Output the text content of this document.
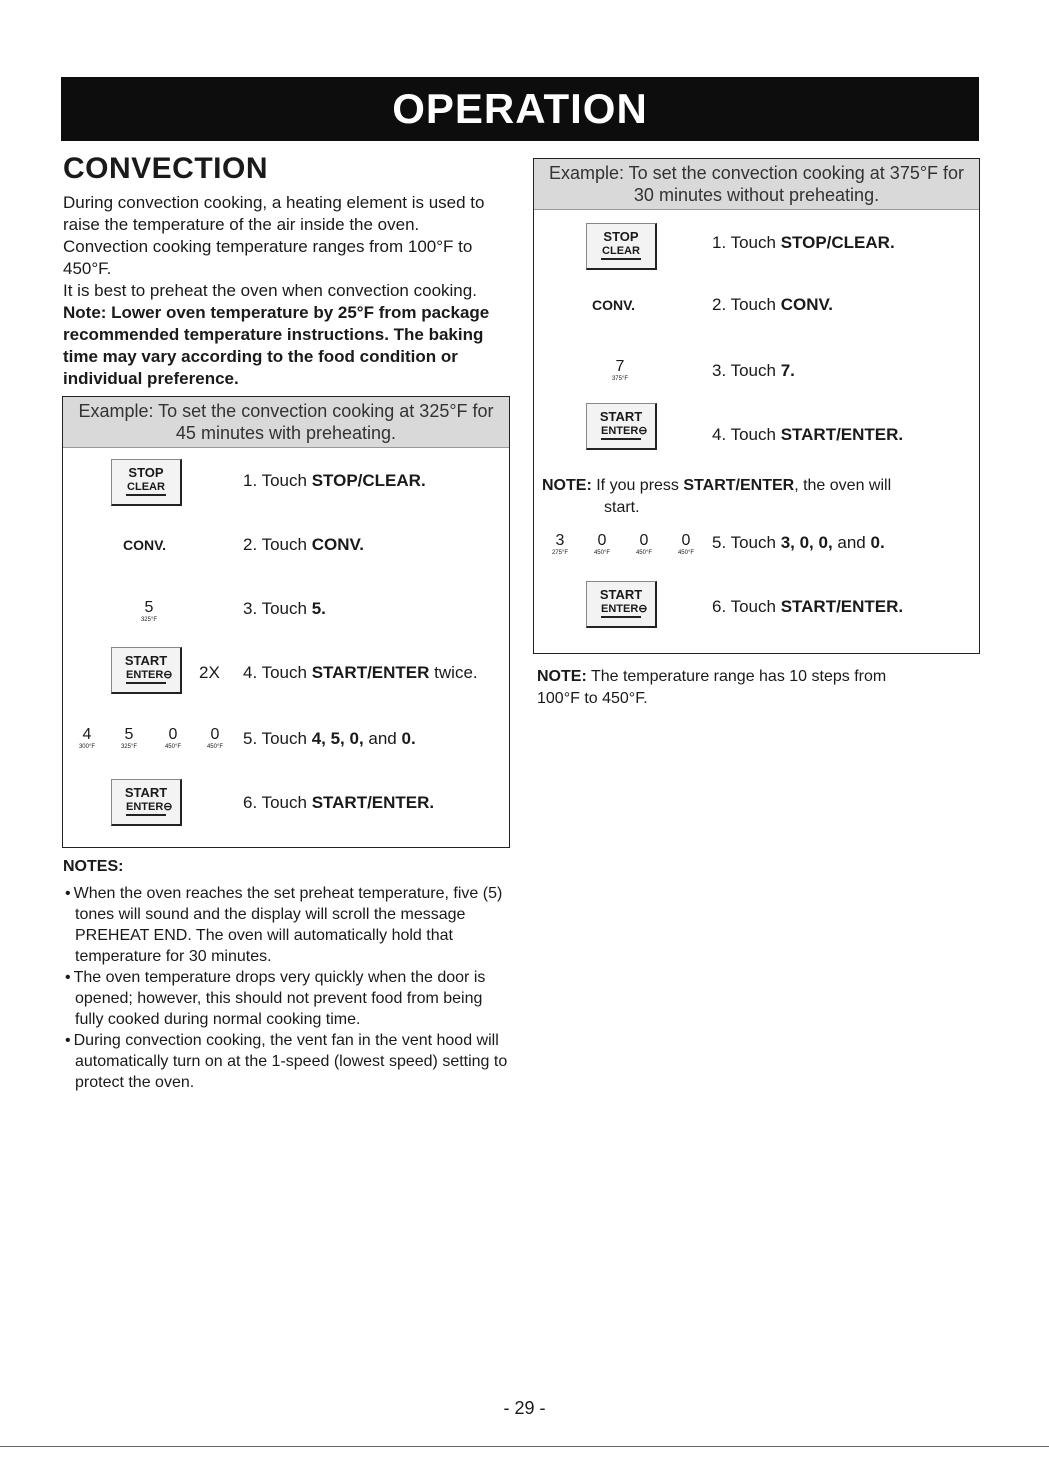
OPERATION
CONVECTION

During convection cooking, a heating element is used to raise the temperature of the air inside the oven.

Convection cooking temperature ranges from 100°F to 450°F.

It is best to preheat the oven when convection cooking.

Note: Lower oven temperature by 25°F from package recommended temperature instructions. The baking time may vary according to the food condition or individual preference.

Example: To set the convection cooking at 325°F for
45 minutes with preheating.
STOP
CLEAR	1. Touch STOP/CLEAR.
CONV.	2. Touch CONV.
5
325°F
3. Touch 5.
START
ENTER⊖ 2X 4. Touch START/ENTER twice.
4
300°F
5
325°F
0
450°F
0
450°F	5. Touch 4, 5, 0, and 0.
START
ENTER⊖	6. Touch START/ENTER.
Example: To set the convection cooking at 375°F for
30 minutes without preheating.
STOP
CLEAR	1. Touch STOP/CLEAR.
CONV.	2. Touch CONV.
7
375°F	3. Touch 7.
START
ENTER⊖	4. Touch START/ENTER.
NOTE: If you press START/ENTER, the oven will
start.
3
275°F
0
450°F
0
450°F
0
450°F
5. Touch 3, 0, 0, and 0.
START
ENTER⊖	6. Touch START/ENTER.
NOTE: The temperature range has 10 steps from
100°F to 450°F.
NOTES:
• When the oven reaches the set preheat temperature, five (5) tones will sound and the display will scroll the message PREHEAT END. The oven will automatically hold that temperature for 30 minutes.
• The oven temperature drops very quickly when the door is opened; however, this should not prevent food from being fully cooked during normal cooking time.
• During convection cooking, the vent fan in the vent hood will automatically turn on at the 1-speed (lowest speed) setting to protect the oven.
- 29 -
